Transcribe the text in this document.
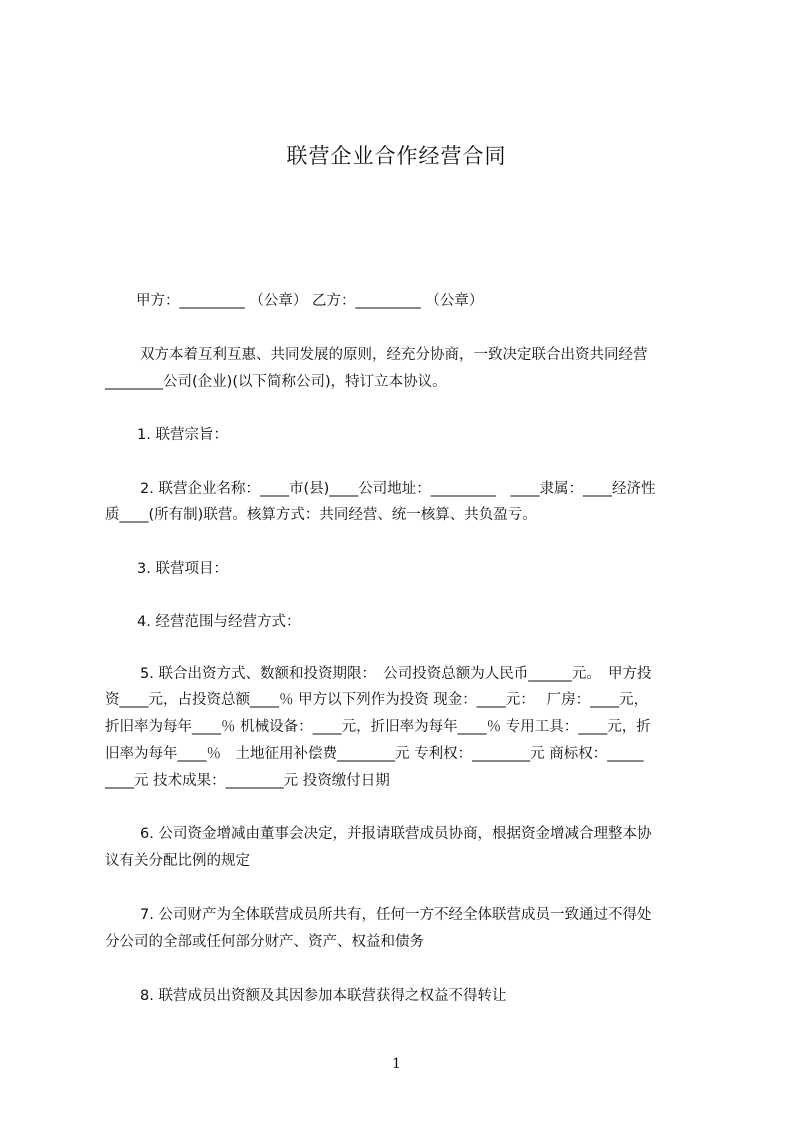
联营企业合作经营合同
甲方：_________ （公章） 乙方：_________ （公章）
双方本着互利互惠、共同发展的原则，经充分协商，一致决定联合出资共同经营
________公司(企业)(以下简称公司)，特订立本协议。
1. 联营宗旨：
2. 联营企业名称：____市(县)____公司地址：_________　____隶属：____经济性
质____(所有制)联营。核算方式：共同经营、统一核算、共负盈亏。
3. 联营项目：
4. 经营范围与经营方式：
5. 联合出资方式、数额和投资期限：　公司投资总额为人民币______元。　甲方投
资____元，占投资总额____％ 甲方以下列作为投资 现金：____元：　 厂房：____元，
折旧率为每年____％ 机械设备：____元，折旧率为每年____％ 专用工具：____元，折
旧率为每年____％　土地征用补偿费________元 专利权：________元 商标权：_____
____元 技术成果：________元 投资缴付日期
6. 公司资金增减由董事会决定，并报请联营成员协商，根据资金增减合理整本协
议有关分配比例的规定
7. 公司财产为全体联营成员所共有，任何一方不经全体联营成员一致通过不得处
分公司的全部或任何部分财产、资产、权益和债务
8. 联营成员出资额及其因参加本联营获得之权益不得转让
1
